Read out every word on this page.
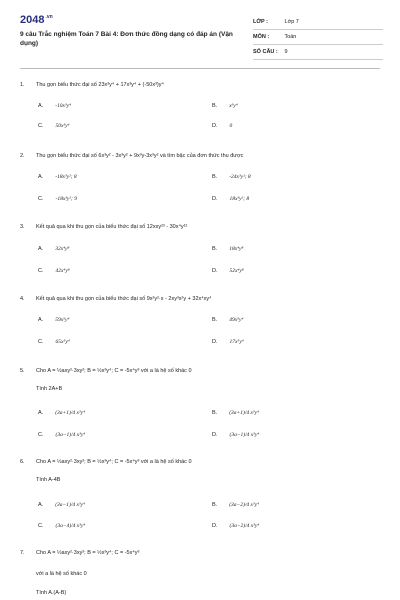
$2048^{.vn}$
9 câu Trắc nghiệm Toán 7 Bài 4: Đơn thức đồng dạng có đáp án (Vận dụng)
LỚP :	Lớp 7
MÔN :	Toán
SỐ CÂU : 9
1. Thu gọn biểu thức đại số 23x³y⁴ + 17x³y⁴ + (-50x³)y⁴
A. -10x³y⁴	B. x³y⁴
C. 50x³y⁴	D. 0
2. Thu gọn biểu thức đại số 6x³y² - 3x³y² + 9x³y-3x³y² và tìm bậc của đơn thức thu được
A. -18x³y²; 8	B. -24x³y²; 8
C. -18x³y²; 9	D. 18x³y²; 8
3. Kết quả qua khi thu gọn của biểu thức đại số 12xxy²³ - 30x⁴y¹²
A. 32x⁴y⁸	B. 18x⁴y⁸
C. 42x⁴y⁸	D. 52x⁴y⁸
4. Kết quả qua khi thu gọn của biểu thức đại số 9x²y²·x - 2xy³x²y + 32x⁴xy⁴
A. 59x⁵y⁴	B. 49x⁵y⁴
C. 65x⁵y⁴	D. 17x⁵y⁴
5. Cho A = ½axy²·3xy²; B = ½x³y⁴; C = -5x⁴y³ với a là hệ số khác 0
Tính 2A+B
A. (3a+1)/4 x³y⁴	B. (3a+1)/4 x³y⁴
C. (3a−1)/4 x³y⁴	D. (3a−1)/4 x³y⁴
6. Cho A = ½axy²·3xy²; B = ½x³y⁴; C = -5x⁴y³ với a là hệ số khác 0
Tính A-4B
A. (3a−1)/4 x³y⁴	B. (3a−2)/4 x³y⁴
C. (3a−4)/4 x³y⁴	D. (3a−2)/4 x³y⁴
7. Cho A = ½axy²·3xy²; B = ½x³y⁴; C = -5x⁴y³
với a là hệ số khác 0
Tính A.(A-B)
